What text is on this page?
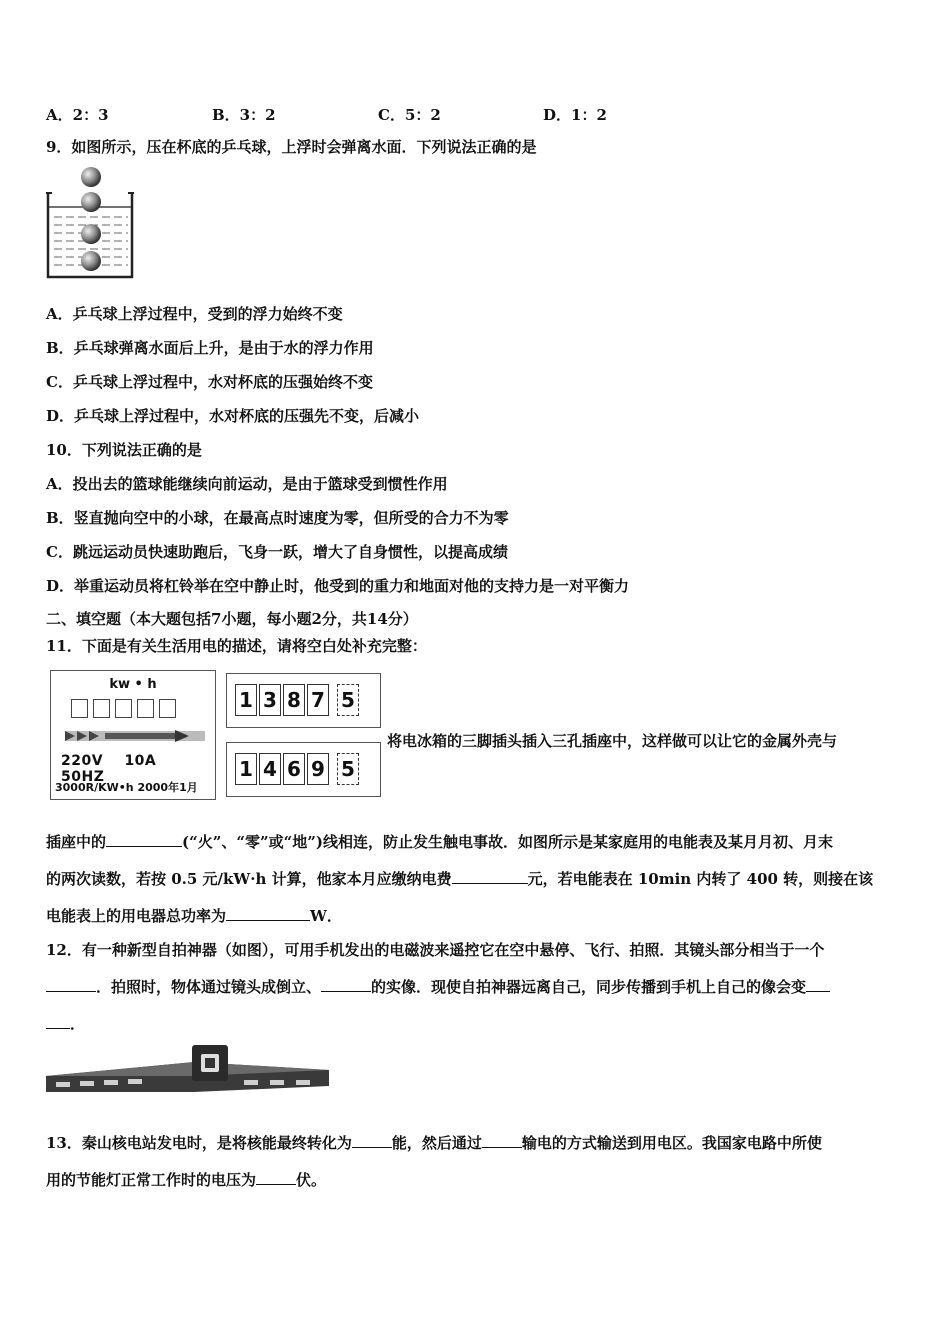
A．2：3	B．3：2	C．5：2	D．1：2
9．如图所示，压在杯底的乒乓球，上浮时会弹离水面．下列说法正确的是
A．乒乓球上浮过程中，受到的浮力始终不变
B．乒乓球弹离水面后上升，是由于水的浮力作用
C．乒乓球上浮过程中，水对杯底的压强始终不变
D．乒乓球上浮过程中，水对杯底的压强先不变，后减小
10．下列说法正确的是
A．投出去的篮球能继续向前运动，是由于篮球受到惯性作用
B．竖直抛向空中的小球，在最高点时速度为零，但所受的合力不为零
C．跳远运动员快速助跑后，飞身一跃，增大了自身惯性，以提高成绩
D．举重运动员将杠铃举在空中静止时，他受到的重力和地面对他的支持力是一对平衡力
二、填空题（本大题包括7小题，每小题2分，共14分）
11．下面是有关生活用电的描述，请将空白处补充完整：
kw • h
220V 10A 50HZ
3000R/KW•h 2000年1月
1 3 8 7 5
1 4 6 9 5
将电冰箱的三脚插头插入三孔插座中，这样做可以让它的金属外壳与
插座中的	(“火”、“零”或“地”)线相连，防止发生触电事故．如图所示是某家庭用的电能表及某月月初、月末
的两次读数，若按 0.5 元/kW·h 计算，他家本月应缴纳电费	元，若电能表在 10min 内转了 400 转，则接在该
电能表上的用电器总功率为	W．
12．有一种新型自拍神器（如图），可用手机发出的电磁波来遥控它在空中悬停、飞行、拍照．其镜头部分相当于一个
．拍照时，物体通过镜头成倒立、	的实像．现使自拍神器远离自己，同步传播到手机上自己的像会变
．
13．秦山核电站发电时，是将核能最终转化为	能，然后通过	输电的方式输送到用电区。我国家电路中所使
用的节能灯正常工作时的电压为	伏。
